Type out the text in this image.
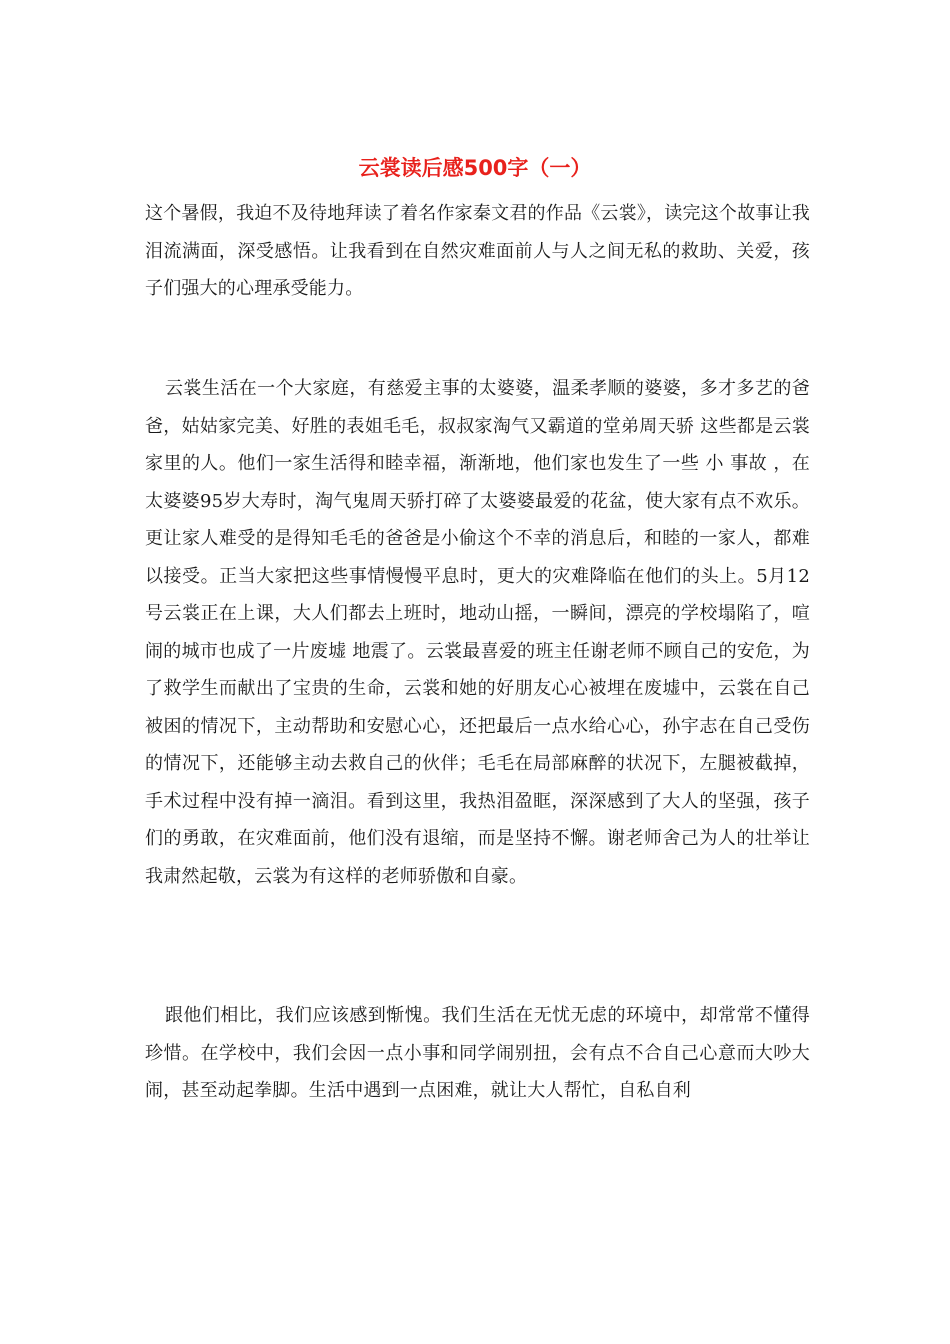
云裳读后感500字（一）

这个暑假，我迫不及待地拜读了着名作家秦文君的作品《云裳》，读完这个故事让我泪流满面，深受感悟。让我看到在自然灾难面前人与人之间无私的救助、关爱，孩子们强大的心理承受能力。

云裳生活在一个大家庭，有慈爱主事的太婆婆，温柔孝顺的婆婆，多才多艺的爸爸，姑姑家完美、好胜的表姐毛毛，叔叔家淘气又霸道的堂弟周天骄 这些都是云裳家里的人。他们一家生活得和睦幸福，渐渐地，他们家也发生了一些 小 事故 ，在太婆婆95岁大寿时，淘气鬼周天骄打碎了太婆婆最爱的花盆，使大家有点不欢乐。更让家人难受的是得知毛毛的爸爸是小偷这个不幸的消息后，和睦的一家人，都难以接受。正当大家把这些事情慢慢平息时，更大的灾难降临在他们的头上。5月12号云裳正在上课，大人们都去上班时，地动山摇，一瞬间，漂亮的学校塌陷了，喧闹的城市也成了一片废墟 地震了。云裳最喜爱的班主任谢老师不顾自己的安危，为了救学生而献出了宝贵的生命，云裳和她的好朋友心心被埋在废墟中，云裳在自己被困的情况下，主动帮助和安慰心心，还把最后一点水给心心，孙宇志在自己受伤的情况下，还能够主动去救自己的伙伴；毛毛在局部麻醉的状况下，左腿被截掉，手术过程中没有掉一滴泪。看到这里，我热泪盈眶，深深感到了大人的坚强，孩子们的勇敢，在灾难面前，他们没有退缩，而是坚持不懈。谢老师舍己为人的壮举让我肃然起敬，云裳为有这样的老师骄傲和自豪。

跟他们相比，我们应该感到惭愧。我们生活在无忧无虑的环境中，却常常不懂得珍惜。在学校中，我们会因一点小事和同学闹别扭，会有点不合自己心意而大吵大闹，甚至动起拳脚。生活中遇到一点困难，就让大人帮忙，自私自利
